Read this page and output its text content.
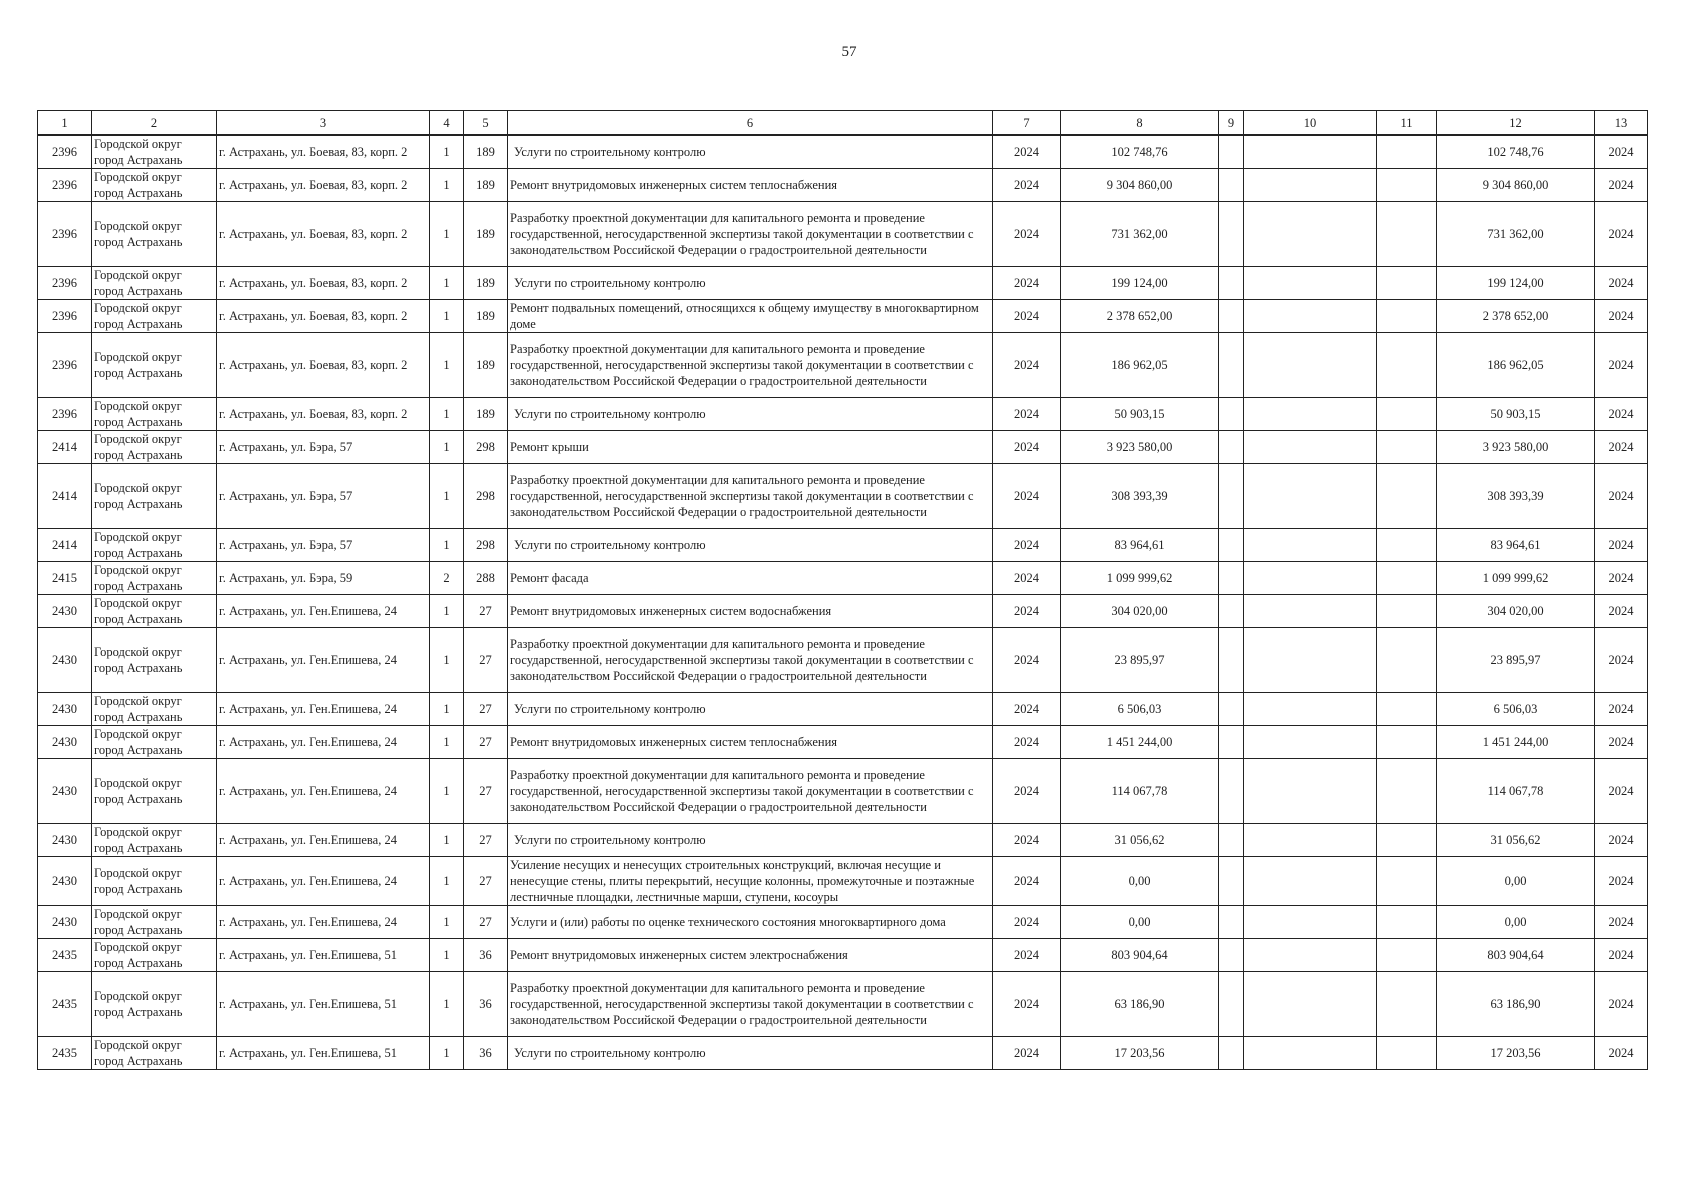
57
1	2	3	4	5	6	7	8	9	10	11	12	13
2396	Городской округ город Астрахань	г. Астрахань, ул. Боевая, 83, корп. 2	1	189	Услуги по строительному контролю	2024	102 748,76				102 748,76	2024
2396	Городской округ город Астрахань	г. Астрахань, ул. Боевая, 83, корп. 2	1	189	Ремонт внутридомовых инженерных систем теплоснабжения	2024	9 304 860,00				9 304 860,00	2024
2396	Городской округ город Астрахань	г. Астрахань, ул. Боевая, 83, корп. 2	1	189	Разработку проектной документации для капитального ремонта и проведение государственной, негосударственной экспертизы такой документации в соответствии с законодательством Российской Федерации о градостроительной деятельности	2024	731 362,00				731 362,00	2024
2396	Городской округ город Астрахань	г. Астрахань, ул. Боевая, 83, корп. 2	1	189	Услуги по строительному контролю	2024	199 124,00				199 124,00	2024
2396	Городской округ город Астрахань	г. Астрахань, ул. Боевая, 83, корп. 2	1	189	Ремонт подвальных помещений, относящихся к общему имуществу в многоквартирном доме	2024	2 378 652,00				2 378 652,00	2024
2396	Городской округ город Астрахань	г. Астрахань, ул. Боевая, 83, корп. 2	1	189	Разработку проектной документации для капитального ремонта и проведение государственной, негосударственной экспертизы такой документации в соответствии с законодательством Российской Федерации о градостроительной деятельности	2024	186 962,05				186 962,05	2024
2396	Городской округ город Астрахань	г. Астрахань, ул. Боевая, 83, корп. 2	1	189	Услуги по строительному контролю	2024	50 903,15				50 903,15	2024
2414	Городской округ город Астрахань	г. Астрахань, ул. Бэра, 57	1	298	Ремонт крыши	2024	3 923 580,00				3 923 580,00	2024
2414	Городской округ город Астрахань	г. Астрахань, ул. Бэра, 57	1	298	Разработку проектной документации для капитального ремонта и проведение государственной, негосударственной экспертизы такой документации в соответствии с законодательством Российской Федерации о градостроительной деятельности	2024	308 393,39				308 393,39	2024
2414	Городской округ город Астрахань	г. Астрахань, ул. Бэра, 57	1	298	Услуги по строительному контролю	2024	83 964,61				83 964,61	2024
2415	Городской округ город Астрахань	г. Астрахань, ул. Бэра, 59	2	288	Ремонт фасада	2024	1 099 999,62				1 099 999,62	2024
2430	Городской округ город Астрахань	г. Астрахань, ул. Ген.Епишева, 24	1	27	Ремонт внутридомовых инженерных систем водоснабжения	2024	304 020,00				304 020,00	2024
2430	Городской округ город Астрахань	г. Астрахань, ул. Ген.Епишева, 24	1	27	Разработку проектной документации для капитального ремонта и проведение государственной, негосударственной экспертизы такой документации в соответствии с законодательством Российской Федерации о градостроительной деятельности	2024	23 895,97				23 895,97	2024
2430	Городской округ город Астрахань	г. Астрахань, ул. Ген.Епишева, 24	1	27	Услуги по строительному контролю	2024	6 506,03				6 506,03	2024
2430	Городской округ город Астрахань	г. Астрахань, ул. Ген.Епишева, 24	1	27	Ремонт внутридомовых инженерных систем теплоснабжения	2024	1 451 244,00				1 451 244,00	2024
2430	Городской округ город Астрахань	г. Астрахань, ул. Ген.Епишева, 24	1	27	Разработку проектной документации для капитального ремонта и проведение государственной, негосударственной экспертизы такой документации в соответствии с законодательством Российской Федерации о градостроительной деятельности	2024	114 067,78				114 067,78	2024
2430	Городской округ город Астрахань	г. Астрахань, ул. Ген.Епишева, 24	1	27	Услуги по строительному контролю	2024	31 056,62				31 056,62	2024
2430	Городской округ город Астрахань	г. Астрахань, ул. Ген.Епишева, 24	1	27	Усиление несущих и ненесущих строительных конструкций, включая несущие и ненесущие стены, плиты перекрытий, несущие колонны, промежуточные и поэтажные лестничные площадки, лестничные марши, ступени, косоуры	2024	0,00				0,00	2024
2430	Городской округ город Астрахань	г. Астрахань, ул. Ген.Епишева, 24	1	27	Услуги и (или) работы по оценке технического состояния многоквартирного дома	2024	0,00				0,00	2024
2435	Городской округ город Астрахань	г. Астрахань, ул. Ген.Епишева, 51	1	36	Ремонт внутридомовых инженерных систем электроснабжения	2024	803 904,64				803 904,64	2024
2435	Городской округ город Астрахань	г. Астрахань, ул. Ген.Епишева, 51	1	36	Разработку проектной документации для капитального ремонта и проведение государственной, негосударственной экспертизы такой документации в соответствии с законодательством Российской Федерации о градостроительной деятельности	2024	63 186,90				63 186,90	2024
2435	Городской округ город Астрахань	г. Астрахань, ул. Ген.Епишева, 51	1	36	Услуги по строительному контролю	2024	17 203,56				17 203,56	2024
